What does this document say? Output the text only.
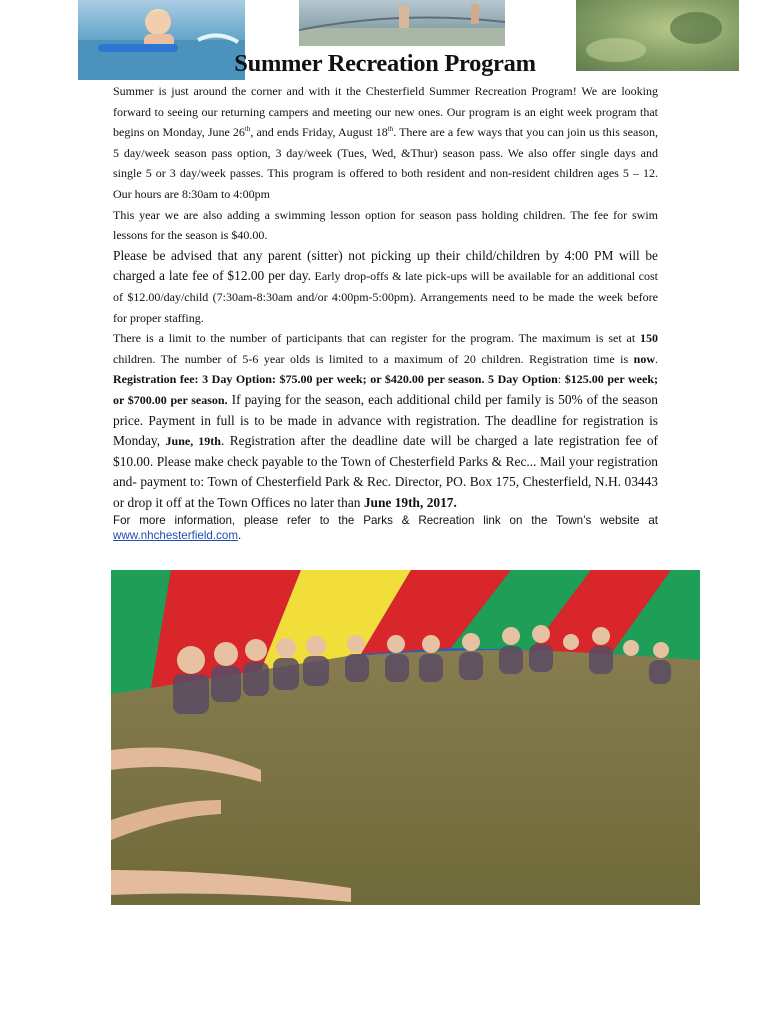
Summer Recreation Program

Summer is just around the corner and with it the Chesterfield Summer Recreation Program! We are looking forward to seeing our returning campers and meeting our new ones. Our program is an eight week program that begins on Monday, June 26th, and ends Friday, August 18th. There are a few ways that you can join us this season, 5 day/week season pass option, 3 day/week (Tues, Wed, &Thur) season pass. We also offer single days and single 5 or 3 day/week passes. This program is offered to both resident and non-resident children ages 5 – 12. Our hours are 8:30am to 4:00pm

This year we are also adding a swimming lesson option for season pass holding children. The fee for swim lessons for the season is $40.00.

Please be advised that any parent (sitter) not picking up their child/children by 4:00 PM will be charged a late fee of $12.00 per day. Early drop-offs & late pick-ups will be available for an additional cost of $12.00/day/child (7:30am-8:30am and/or 4:00pm-5:00pm). Arrangements need to be made the week before for proper staffing.

There is a limit to the number of participants that can register for the program. The maximum is set at 150 children. The number of 5-6 year olds is limited to a maximum of 20 children. Registration time is now. Registration fee: 3 Day Option: $75.00 per week; or $420.00 per season. 5 Day Option: $125.00 per week; or $700.00 per season. If paying for the season, each additional child per family is 50% of the season price. Payment in full is to be made in advance with registration. The deadline for registration is Monday, June, 19th. Registration after the deadline date will be charged a late registration fee of $10.00. Please make check payable to the Town of Chesterfield Parks & Rec... Mail your registration and- payment to: Town of Chesterfield Park & Rec. Director, PO. Box 175, Chesterfield, N.H. 03443 or drop it off at the Town Offices no later than June 19th, 2017.

For more information, please refer to the Parks & Recreation link on the Town’s website at www.nhchesterfield.com.
